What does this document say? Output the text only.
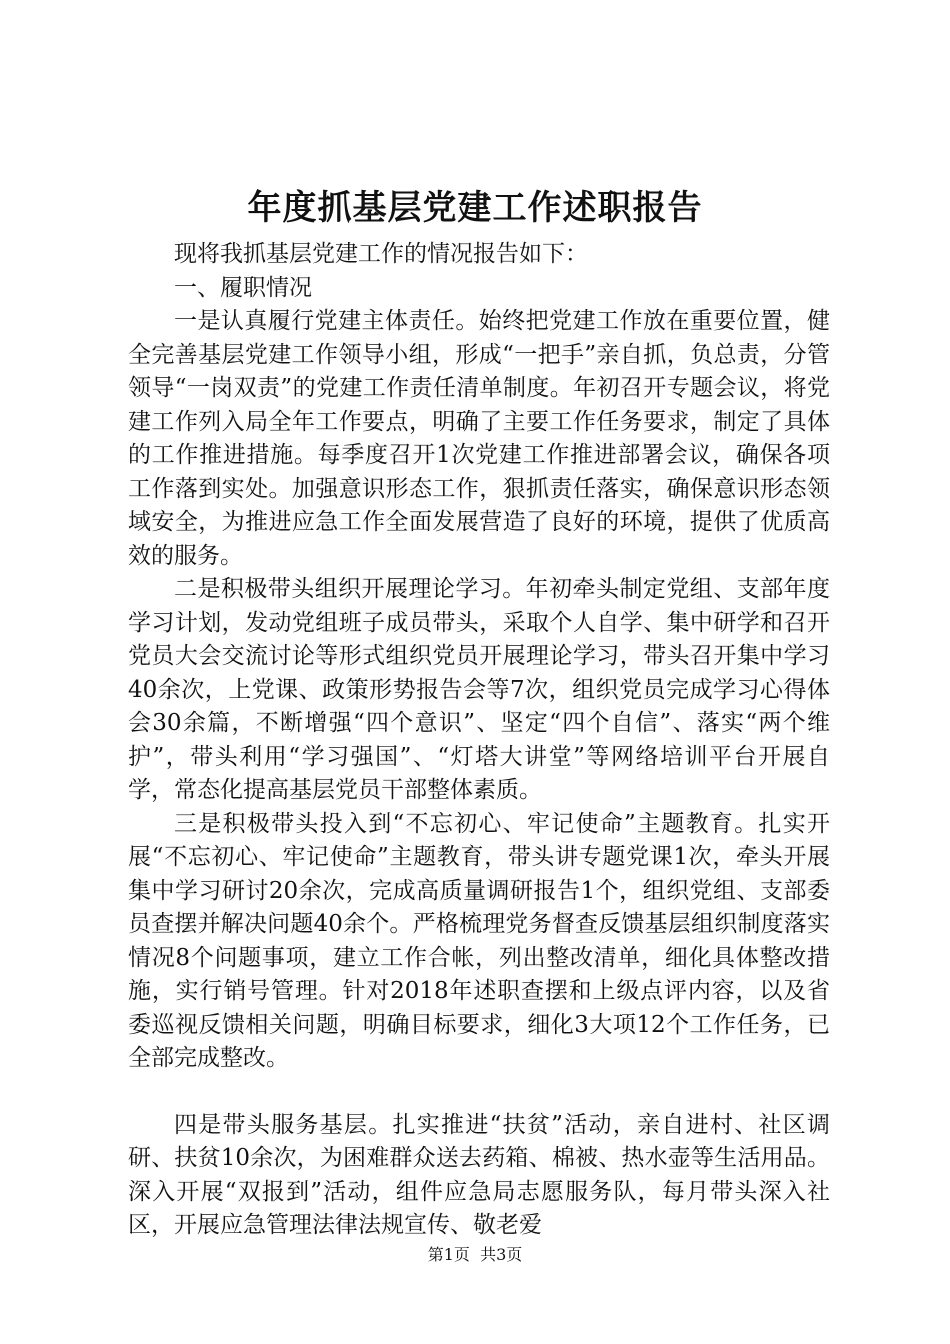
年度抓基层党建工作述职报告

现将我抓基层党建工作的情况报告如下：

一、履职情况

一是认真履行党建主体责任。始终把党建工作放在重要位置，健全完善基层党建工作领导小组，形成“一把手”亲自抓，负总责，分管领导“一岗双责”的党建工作责任清单制度。年初召开专题会议，将党建工作列入局全年工作要点，明确了主要工作任务要求，制定了具体的工作推进措施。每季度召开1次党建工作推进部署会议，确保各项工作落到实处。加强意识形态工作，狠抓责任落实，确保意识形态领域安全，为推进应急工作全面发展营造了良好的环境，提供了优质高效的服务。

二是积极带头组织开展理论学习。年初牵头制定党组、支部年度学习计划，发动党组班子成员带头，采取个人自学、集中研学和召开党员大会交流讨论等形式组织党员开展理论学习，带头召开集中学习40余次，上党课、政策形势报告会等7次，组织党员完成学习心得体会30余篇，不断增强“四个意识”、坚定“四个自信”、落实“两个维护”，带头利用“学习强国”、“灯塔大讲堂”等网络培训平台开展自学，常态化提高基层党员干部整体素质。

三是积极带头投入到“不忘初心、牢记使命”主题教育。扎实开展“不忘初心、牢记使命”主题教育，带头讲专题党课1次，牵头开展集中学习研讨20余次，完成高质量调研报告1个，组织党组、支部委员查摆并解决问题40余个。严格梳理党务督查反馈基层组织制度落实情况8个问题事项，建立工作合帐，列出整改清单，细化具体整改措施，实行销号管理。针对2018年述职查摆和上级点评内容，以及省委巡视反馈相关问题，明确目标要求，细化3大项12个工作任务，已全部完成整改。

四是带头服务基层。扎实推进“扶贫”活动，亲自进村、社区调研、扶贫10余次，为困难群众送去药箱、棉被、热水壶等生活用品。深入开展“双报到”活动，组件应急局志愿服务队，每月带头深入社区，开展应急管理法律法规宣传、敬老爱

第1页  共3页
